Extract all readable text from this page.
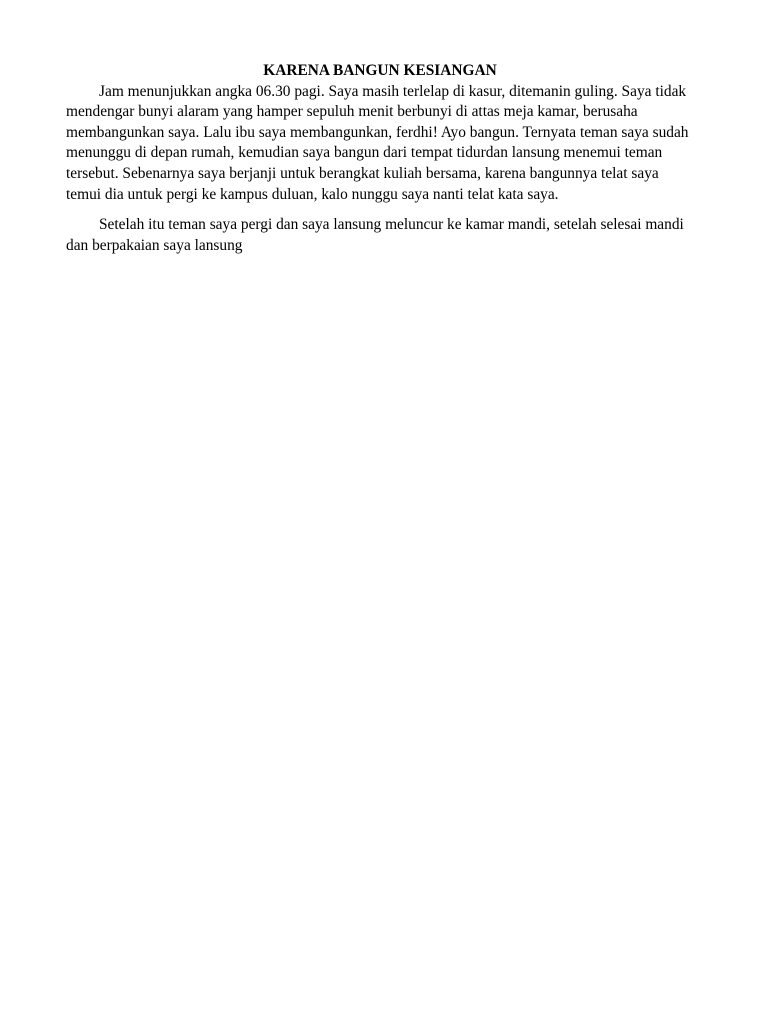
KARENA BANGUN KESIANGAN

Jam menunjukkan angka 06.30 pagi. Saya masih terlelap di kasur, ditemanin guling. Saya tidak mendengar bunyi alaram yang hamper sepuluh menit berbunyi di attas meja kamar, berusaha membangunkan saya. Lalu ibu saya membangunkan, ferdhi! Ayo bangun. Ternyata teman saya sudah menunggu di depan rumah, kemudian saya bangun dari tempat tidurdan lansung menemui teman tersebut. Sebenarnya saya berjanji untuk berangkat kuliah bersama, karena bangunnya telat saya temui dia untuk pergi ke kampus duluan, kalo nunggu saya nanti telat kata saya.

Setelah itu teman saya pergi dan saya lansung meluncur ke kamar mandi, setelah selesai mandi dan berpakaian saya lansung
